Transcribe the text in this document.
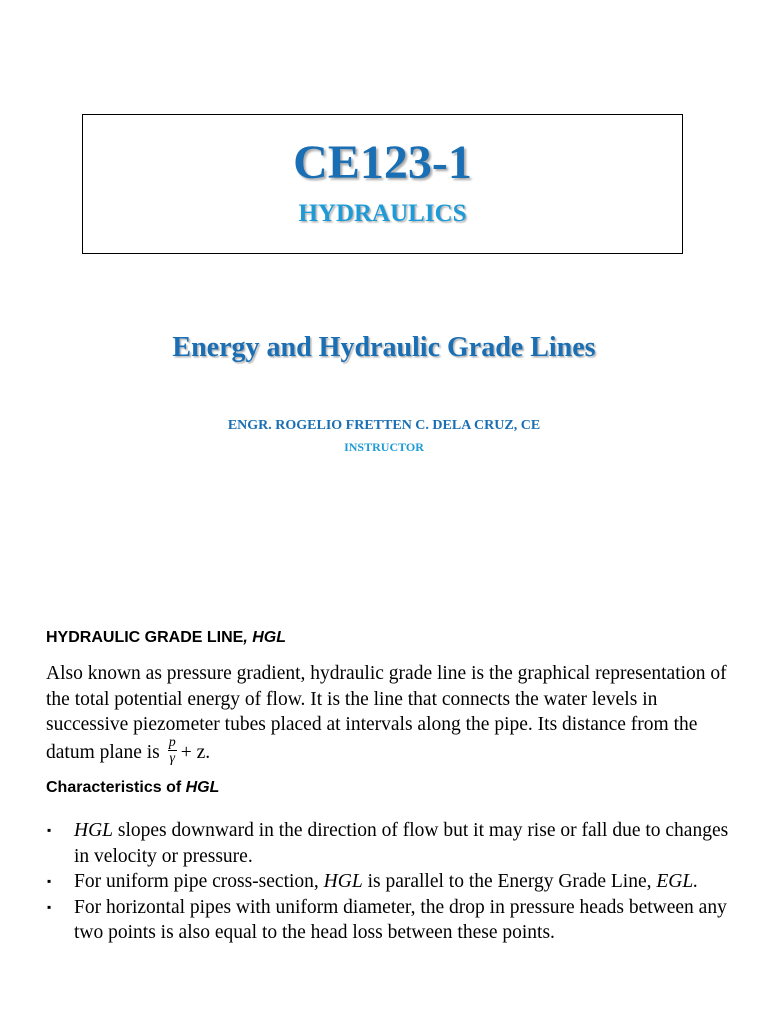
CE123-1
HYDRAULICS
Energy and Hydraulic Grade Lines
ENGR. ROGELIO FRETTEN C. DELA CRUZ, CE
INSTRUCTOR
HYDRAULIC GRADE LINE, HGL
Also known as pressure gradient, hydraulic grade line is the graphical representation of the total potential energy of flow. It is the line that connects the water levels in successive piezometer tubes placed at intervals along the pipe. Its distance from the datum plane is $\frac{p}{\gamma} + z$.
Characteristics of HGL
▪ HGL slopes downward in the direction of flow but it may rise or fall due to changes in velocity or pressure.
▪ For uniform pipe cross-section, HGL is parallel to the Energy Grade Line, EGL.
▪ For horizontal pipes with uniform diameter, the drop in pressure heads between any two points is also equal to the head loss between these points.
